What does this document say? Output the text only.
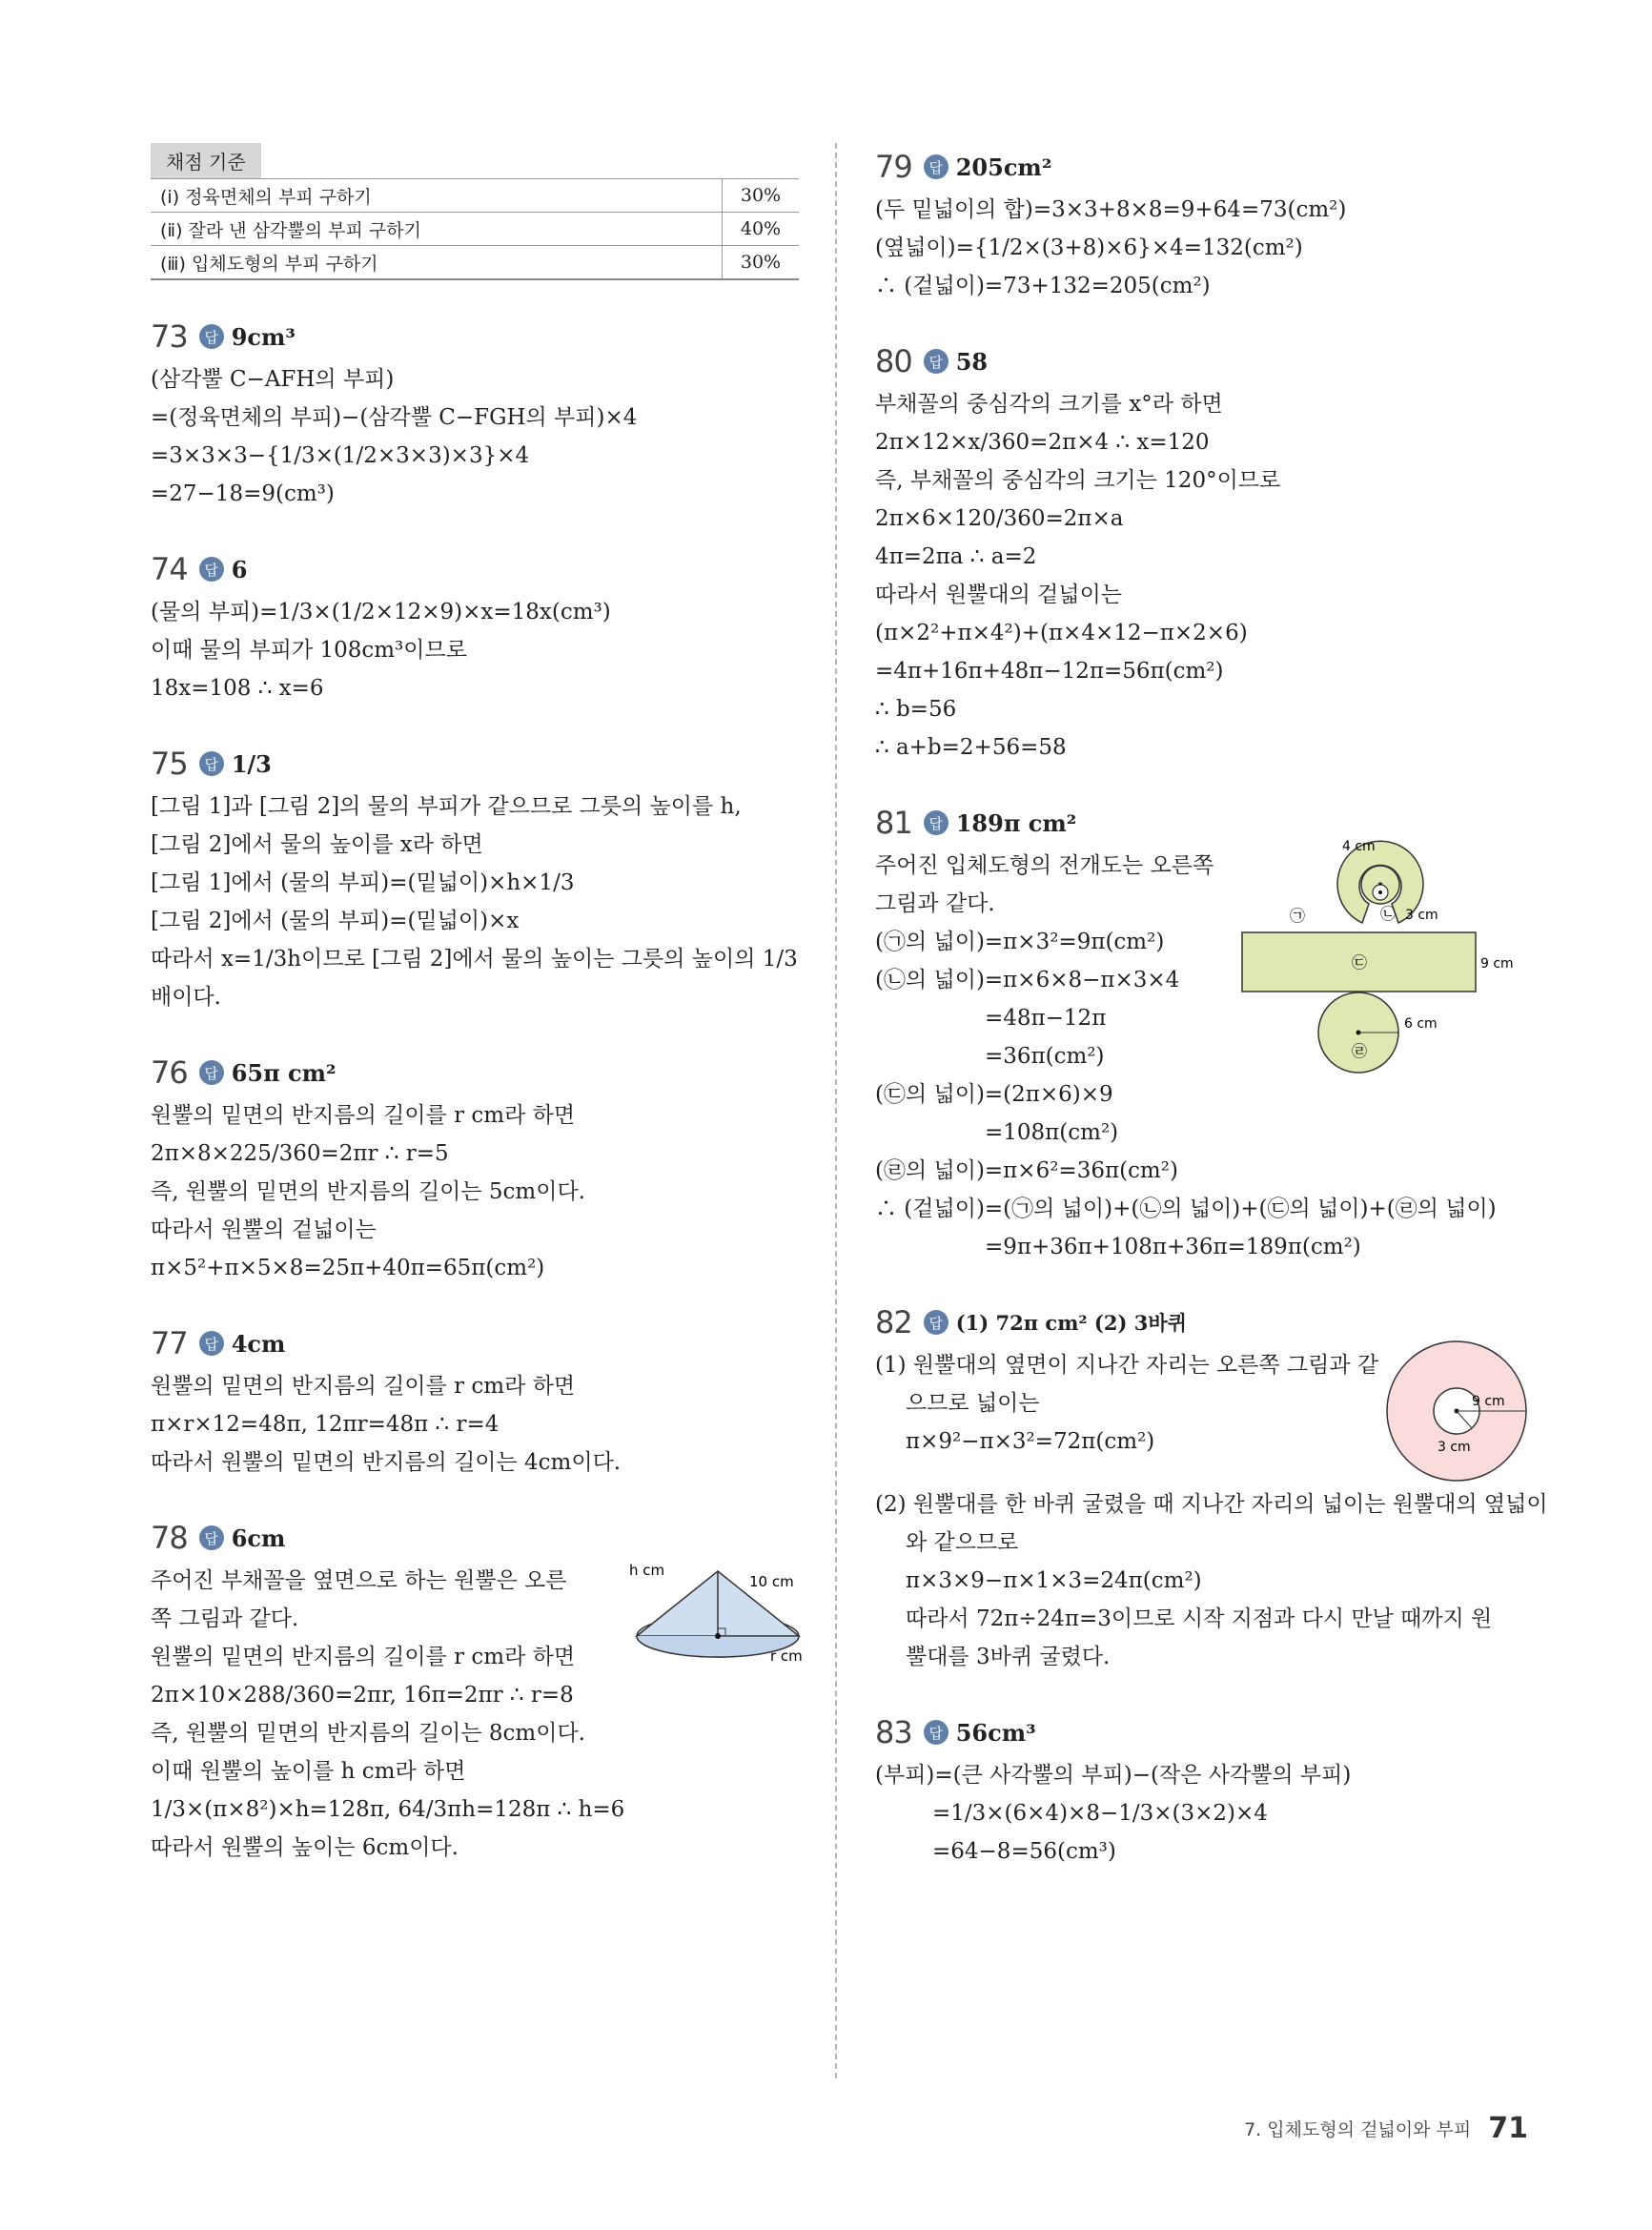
채점 기준
(ⅰ) 정육면체의 부피 구하기	30%
(ⅱ) 잘라 낸 삼각뿔의 부피 구하기	40%
(ⅲ) 입체도형의 부피 구하기	30%
73	답 9cm³
(삼각뿔 C−AFH의 부피)
=(정육면체의 부피)−(삼각뿔 C−FGH의 부피)×4
=3×3×3−{1/3×(1/2×3×3)×3}×4
=27−18=9(cm³)
74	답 6
(물의 부피)=1/3×(1/2×12×9)×x=18x(cm³)
이때 물의 부피가 108cm³이므로
18x=108 ∴ x=6
75	답 1/3
[그림 1]과 [그림 2]의 물의 부피가 같으므로 그릇의 높이를 h,
[그림 2]에서 물의 높이를 x라 하면
[그림 1]에서 (물의 부피)=(밑넓이)×h×1/3
[그림 2]에서 (물의 부피)=(밑넓이)×x
따라서 x=1/3h이므로 [그림 2]에서 물의 높이는 그릇의 높이의 1/3
배이다.
76	답 65π cm²
원뿔의 밑면의 반지름의 길이를 r cm라 하면
2π×8×225/360=2πr ∴ r=5
즉, 원뿔의 밑면의 반지름의 길이는 5cm이다.
따라서 원뿔의 겉넓이는
π×5²+π×5×8=25π+40π=65π(cm²)
77	답 4cm
원뿔의 밑면의 반지름의 길이를 r cm라 하면
π×r×12=48π, 12πr=48π ∴ r=4
따라서 원뿔의 밑면의 반지름의 길이는 4cm이다.
78	답 6cm
주어진 부채꼴을 옆면으로 하는 원뿔은 오른
쪽 그림과 같다.
원뿔의 밑면의 반지름의 길이를 r cm라 하면
2π×10×288/360=2πr, 16π=2πr ∴ r=8
즉, 원뿔의 밑면의 반지름의 길이는 8cm이다.
이때 원뿔의 높이를 h cm라 하면
1/3×(π×8²)×h=128π, 64/3πh=128π ∴ h=6
따라서 원뿔의 높이는 6cm이다.
h cm
10 cm
r cm
79	답 205cm²
(두 밑넓이의 합)=3×3+8×8=9+64=73(cm²)
(옆넓이)={1/2×(3+8)×6}×4=132(cm²)
∴ (겉넓이)=73+132=205(cm²)
80	답 58
부채꼴의 중심각의 크기를 x°라 하면
2π×12×x/360=2π×4 ∴ x=120
즉, 부채꼴의 중심각의 크기는 120°이므로
2π×6×120/360=2π×a
4π=2πa ∴ a=2
따라서 원뿔대의 겉넓이는
(π×2²+π×4²)+(π×4×12−π×2×6)
=4π+16π+48π−12π=56π(cm²)
∴ b=56
∴ a+b=2+56=58
81	답 189π cm²
주어진 입체도형의 전개도는 오른쪽
그림과 같다.
(㉠의 넓이)=π×3²=9π(cm²)
(㉡의 넓이)=π×6×8−π×3×4
=48π−12π
=36π(cm²)
(㉢의 넓이)=(2π×6)×9
=108π(cm²)
(㉣의 넓이)=π×6²=36π(cm²)
∴ (겉넓이)=(㉠의 넓이)+(㉡의 넓이)+(㉢의 넓이)+(㉣의 넓이)
=9π+36π+108π+36π=189π(cm²)
4 cm
3 cm
9 cm
6 cm
㉠	㉡
㉢
㉣
82	답 (1) 72π cm² (2) 3바퀴
(1) 원뿔대의 옆면이 지나간 자리는 오른쪽 그림과 같
으므로 넓이는
π×9²−π×3²=72π(cm²)
(2) 원뿔대를 한 바퀴 굴렸을 때 지나간 자리의 넓이는 원뿔대의 옆넓이
와 같으므로
π×3×9−π×1×3=24π(cm²)
따라서 72π÷24π=3이므로 시작 지점과 다시 만날 때까지 원
뿔대를 3바퀴 굴렸다.
9 cm
3 cm
83	답 56cm³
(부피)=(큰 사각뿔의 부피)−(작은 사각뿔의 부피)
=1/3×(6×4)×8−1/3×(3×2)×4
=64−8=56(cm³)
7. 입체도형의 겉넓이와 부피 71
